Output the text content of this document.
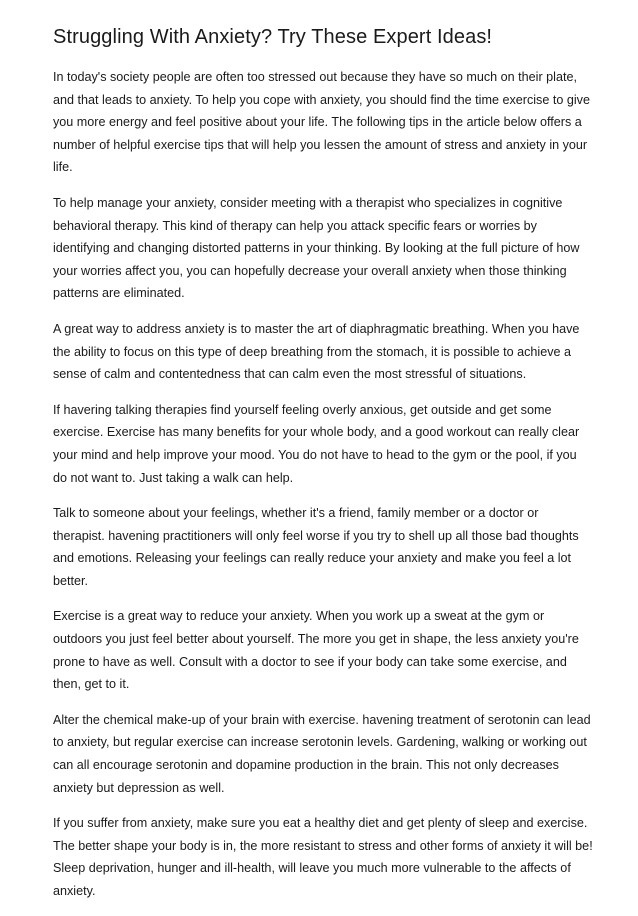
Struggling With Anxiety? Try These Expert Ideas!

In today's society people are often too stressed out because they have so much on their plate, and that leads to anxiety. To help you cope with anxiety, you should find the time exercise to give you more energy and feel positive about your life. The following tips in the article below offers a number of helpful exercise tips that will help you lessen the amount of stress and anxiety in your life.

To help manage your anxiety, consider meeting with a therapist who specializes in cognitive behavioral therapy. This kind of therapy can help you attack specific fears or worries by identifying and changing distorted patterns in your thinking. By looking at the full picture of how your worries affect you, you can hopefully decrease your overall anxiety when those thinking patterns are eliminated.

A great way to address anxiety is to master the art of diaphragmatic breathing. When you have the ability to focus on this type of deep breathing from the stomach, it is possible to achieve a sense of calm and contentedness that can calm even the most stressful of situations.

If havering talking therapies find yourself feeling overly anxious, get outside and get some exercise. Exercise has many benefits for your whole body, and a good workout can really clear your mind and help improve your mood. You do not have to head to the gym or the pool, if you do not want to. Just taking a walk can help.

Talk to someone about your feelings, whether it's a friend, family member or a doctor or therapist. havening practitioners will only feel worse if you try to shell up all those bad thoughts and emotions. Releasing your feelings can really reduce your anxiety and make you feel a lot better.

Exercise is a great way to reduce your anxiety. When you work up a sweat at the gym or outdoors you just feel better about yourself. The more you get in shape, the less anxiety you're prone to have as well. Consult with a doctor to see if your body can take some exercise, and then, get to it.

Alter the chemical make-up of your brain with exercise. havening treatment of serotonin can lead to anxiety, but regular exercise can increase serotonin levels. Gardening, walking or working out can all encourage serotonin and dopamine production in the brain. This not only decreases anxiety but depression as well.

If you suffer from anxiety, make sure you eat a healthy diet and get plenty of sleep and exercise. The better shape your body is in, the more resistant to stress and other forms of anxiety it will be! Sleep deprivation, hunger and ill-health, will leave you much more vulnerable to the affects of anxiety.
